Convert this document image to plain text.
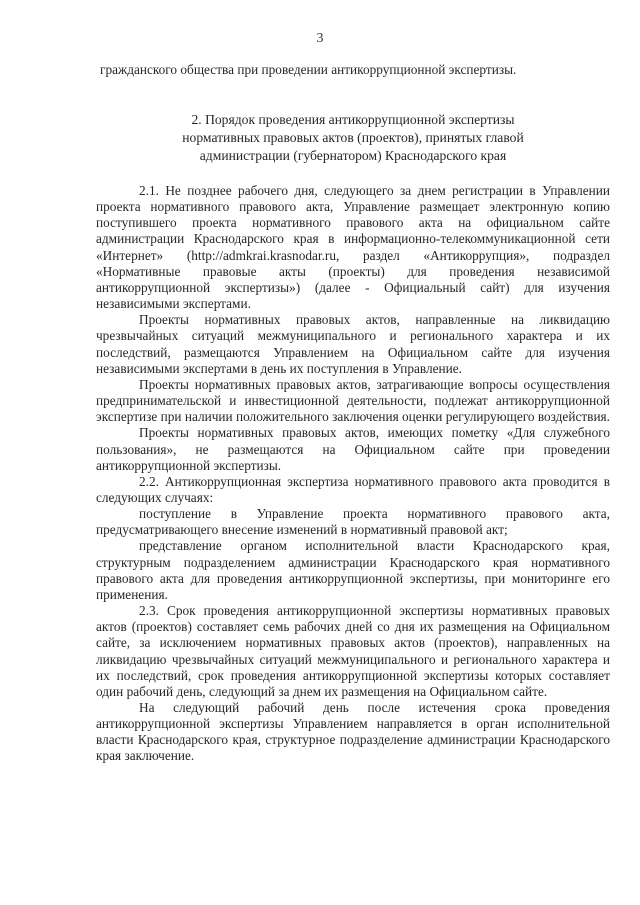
3
гражданского общества при проведении антикоррупционной экспертизы.
2. Порядок проведения антикоррупционной экспертизы
нормативных правовых актов (проектов), принятых главой
администрации (губернатором) Краснодарского края

2.1. Не позднее рабочего дня, следующего за днем регистрации в Управлении проекта нормативного правового акта, Управление размещает электронную копию поступившего проекта нормативного правового акта на официальном сайте администрации Краснодарского края в информационно-телекоммуникационной сети «Интернет» (http://admkrai.krasnodar.ru, раздел «Антикоррупция», подраздел «Нормативные правовые акты (проекты) для проведения независимой антикоррупционной экспертизы») (далее - Официальный сайт) для изучения независимыми экспертами.

Проекты нормативных правовых актов, направленные на ликвидацию чрезвычайных ситуаций межмуниципального и регионального характера и их последствий, размещаются Управлением на Официальном сайте для изучения независимыми экспертами в день их поступления в Управление.

Проекты нормативных правовых актов, затрагивающие вопросы осуществления предпринимательской и инвестиционной деятельности, подлежат антикоррупционной экспертизе при наличии положительного заключения оценки регулирующего воздействия.

Проекты нормативных правовых актов, имеющих пометку «Для служебного пользования», не размещаются на Официальном сайте при проведении антикоррупционной экспертизы.

2.2. Антикоррупционная экспертиза нормативного правового акта проводится в следующих случаях:

поступление в Управление проекта нормативного правового акта, предусматривающего внесение изменений в нормативный правовой акт;

представление органом исполнительной власти Краснодарского края, структурным подразделением администрации Краснодарского края нормативного правового акта для проведения антикоррупционной экспертизы, при мониторинге его применения.

2.3. Срок проведения антикоррупционной экспертизы нормативных правовых актов (проектов) составляет семь рабочих дней со дня их размещения на Официальном сайте, за исключением нормативных правовых актов (проектов), направленных на ликвидацию чрезвычайных ситуаций межмуниципального и регионального характера и их последствий, срок проведения антикоррупционной экспертизы которых составляет один рабочий день, следующий за днем их размещения на Официальном сайте.

На следующий рабочий день после истечения срока проведения антикоррупционной экспертизы Управлением направляется в орган исполнительной власти Краснодарского края, структурное подразделение администрации Краснодарского края заключение.
